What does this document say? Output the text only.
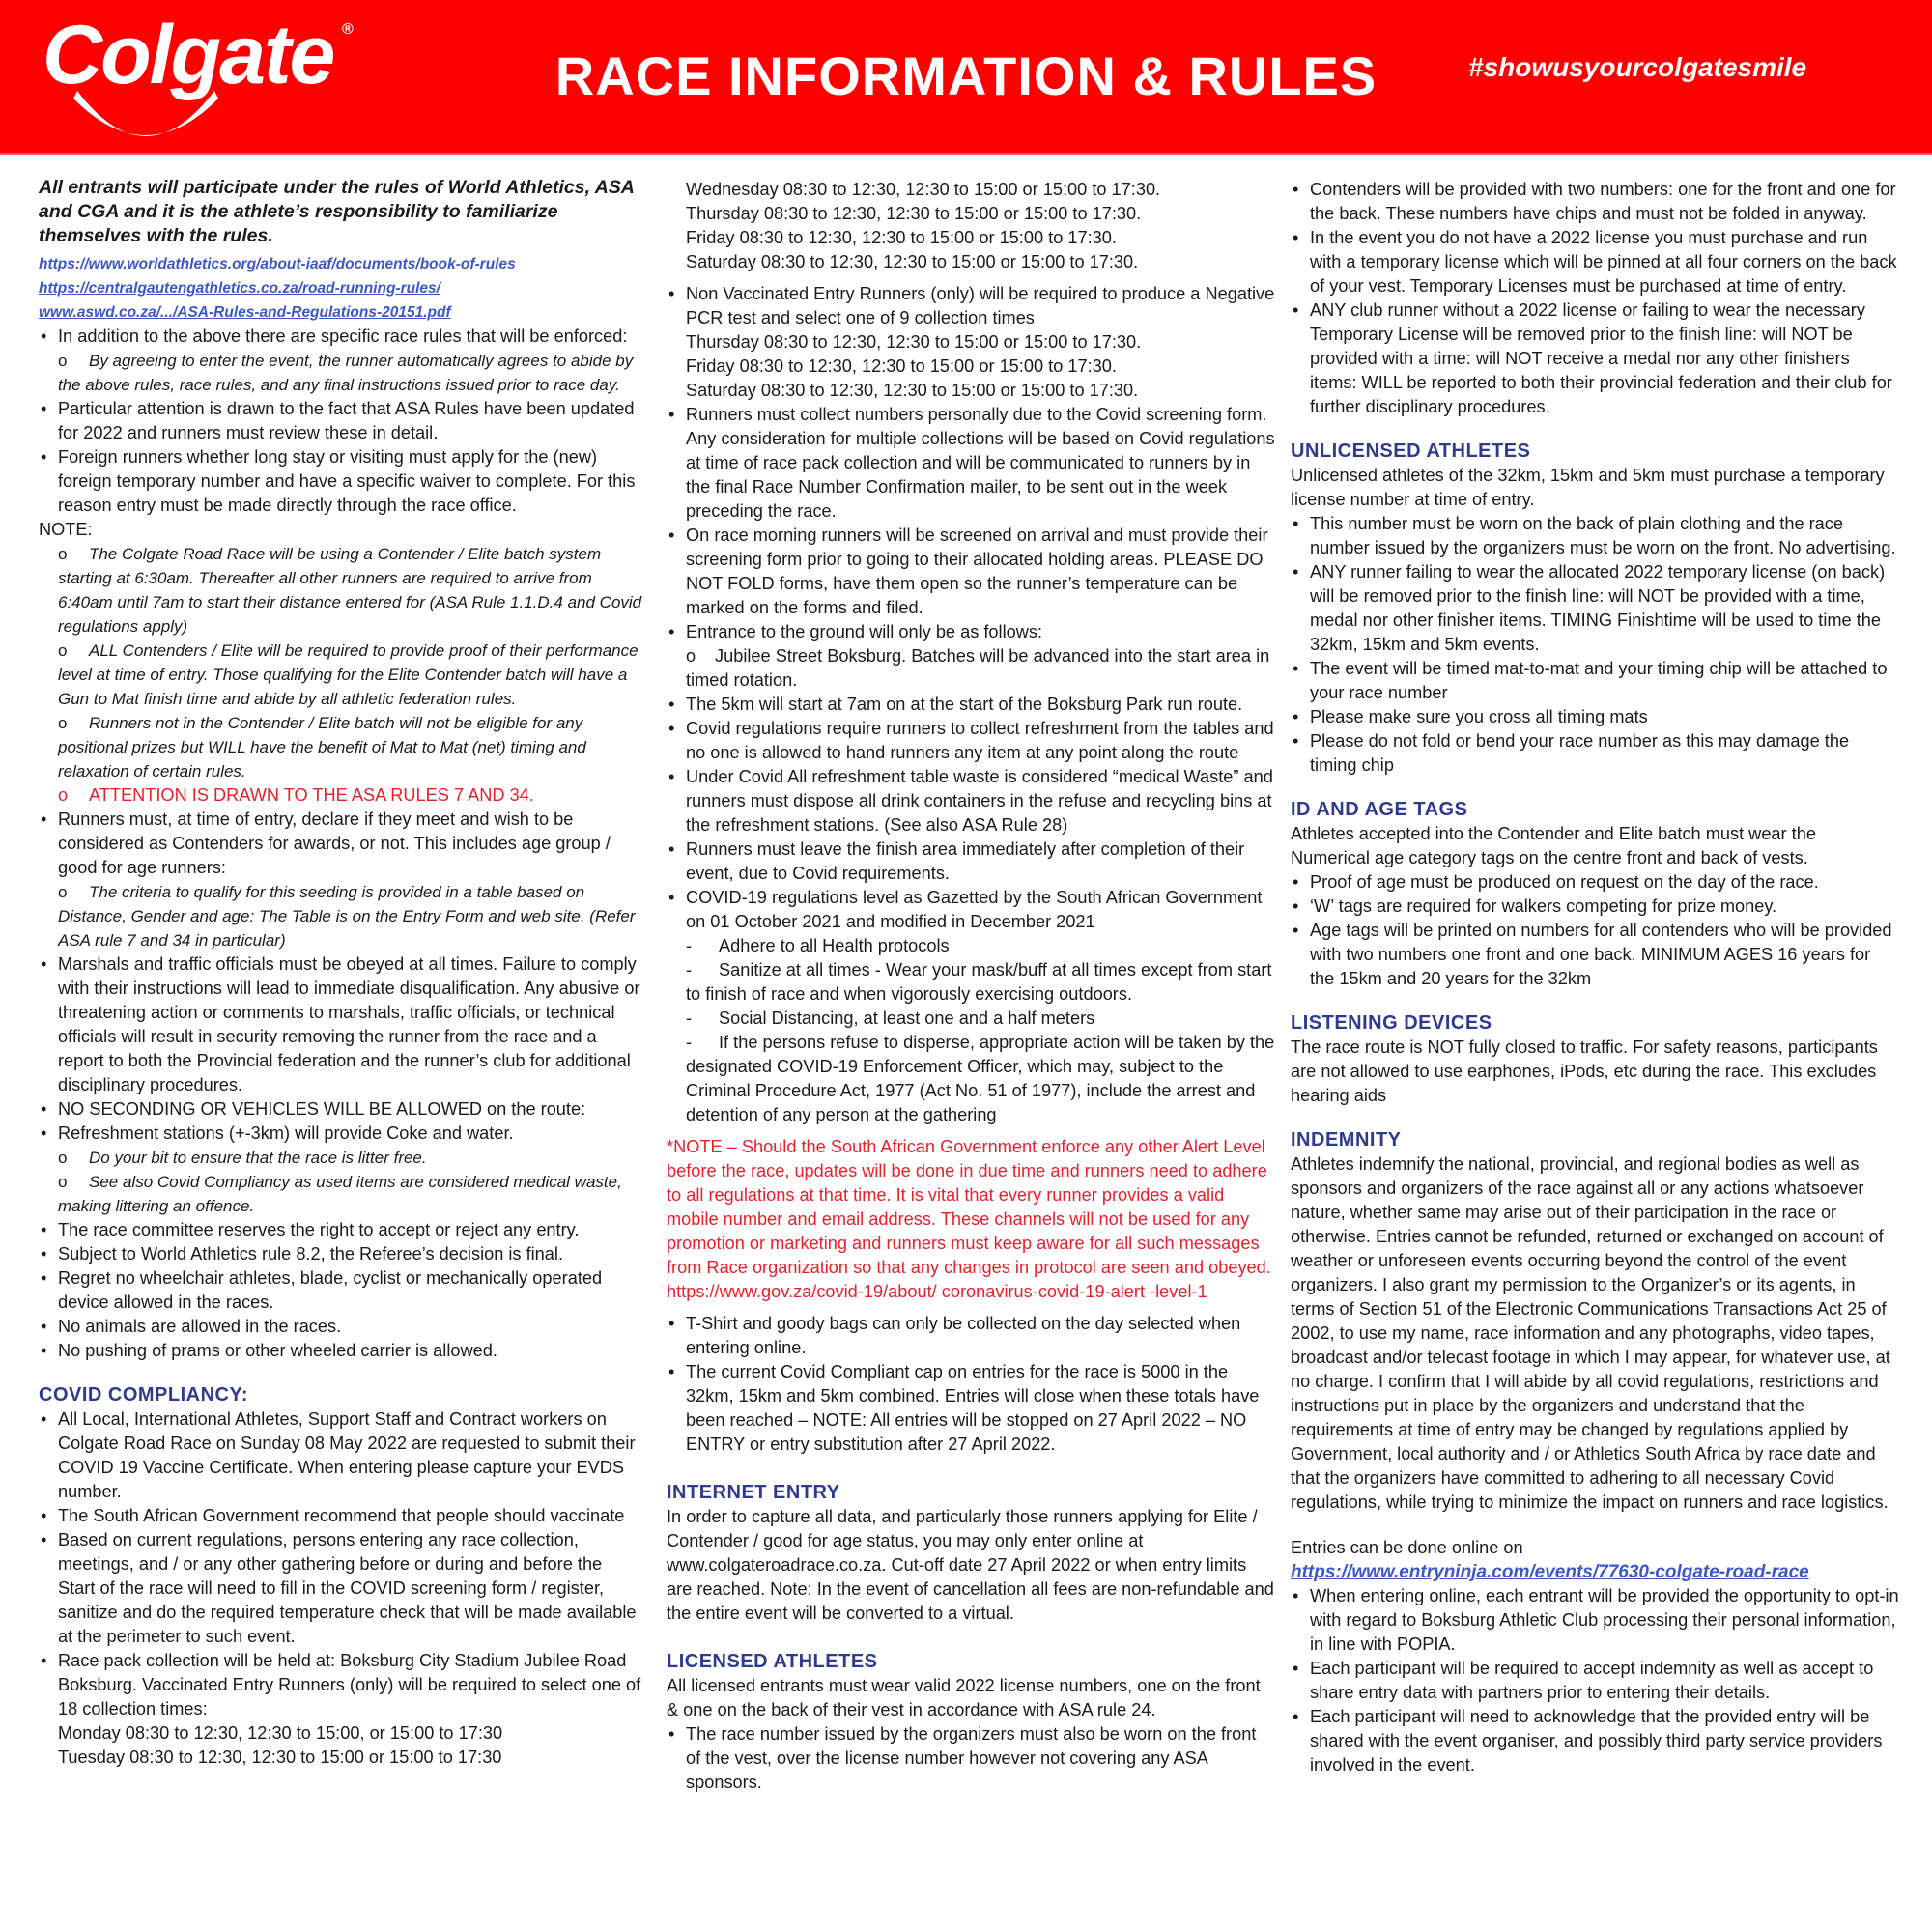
Colgate ®
RACE INFORMATION & RULES	#showusyourcolgatesmile

All entrants will participate under the rules of World Athletics, ASA and CGA and it is the athlete’s responsibility to familiarize themselves with the rules.

https://www.worldathletics.org/about-iaaf/documents/book-of-rules
https://centralgautengathletics.co.za/road-running-rules/
www.aswd.co.za/.../ASA-Rules-and-Regulations-20151.pdf
• In addition to the above there are specific race rules that will be enforced:
o By agreeing to enter the event, the runner automatically agrees to abide by the above rules, race rules, and any final instructions issued prior to race day.
• Particular attention is drawn to the fact that ASA Rules have been updated for 2022 and runners must review these in detail.
• Foreign runners whether long stay or visiting must apply for the (new) foreign temporary number and have a specific waiver to complete. For this reason entry must be made directly through the race office.
NOTE:
o The Colgate Road Race will be using a Contender / Elite batch system starting at 6:30am. Thereafter all other runners are required to arrive from 6:40am until 7am to start their distance entered for (ASA Rule 1.1.D.4 and Covid regulations apply)
o ALL Contenders / Elite will be required to provide proof of their performance level at time of entry. Those qualifying for the Elite Contender batch will have a Gun to Mat finish time and abide by all athletic federation rules.
o Runners not in the Contender / Elite batch will not be eligible for any positional prizes but WILL have the benefit of Mat to Mat (net) timing and relaxation of certain rules.
o ATTENTION IS DRAWN TO THE ASA RULES 7 AND 34.
• Runners must, at time of entry, declare if they meet and wish to be considered as Contenders for awards, or not. This includes age group / good for age runners:
o The criteria to qualify for this seeding is provided in a table based on Distance, Gender and age: The Table is on the Entry Form and web site. (Refer ASA rule 7 and 34 in particular)
• Marshals and traffic officials must be obeyed at all times. Failure to comply with their instructions will lead to immediate disqualification. Any abusive or threatening action or comments to marshals, traffic officials, or technical officials will result in security removing the runner from the race and a report to both the Provincial federation and the runner’s club for additional disciplinary procedures.
• NO SECONDING OR VEHICLES WILL BE ALLOWED on the route:
• Refreshment stations (+-3km) will provide Coke and water.
o Do your bit to ensure that the race is litter free.
o See also Covid Compliancy as used items are considered medical waste, making littering an offence.
• The race committee reserves the right to accept or reject any entry.
• Subject to World Athletics rule 8.2, the Referee’s decision is final.
• Regret no wheelchair athletes, blade, cyclist or mechanically operated device allowed in the races.
• No animals are allowed in the races.
• No pushing of prams or other wheeled carrier is allowed.
COVID COMPLIANCY:
• All Local, International Athletes, Support Staff and Contract workers on Colgate Road Race on Sunday 08 May 2022 are requested to submit their COVID 19 Vaccine Certificate. When entering please capture your EVDS number.
• The South African Government recommend that people should vaccinate
• Based on current regulations, persons entering any race collection, meetings, and / or any other gathering before or during and before the Start of the race will need to fill in the COVID screening form / register, sanitize and do the required temperature check that will be made available at the perimeter to such event.
• Race pack collection will be held at: Boksburg City Stadium Jubilee Road Boksburg. Vaccinated Entry Runners (only) will be required to select one of 18 collection times:
Monday 08:30 to 12:30, 12:30 to 15:00, or 15:00 to 17:30
Tuesday 08:30 to 12:30, 12:30 to 15:00 or 15:00 to 17:30
Wednesday 08:30 to 12:30, 12:30 to 15:00 or 15:00 to 17:30.
Thursday 08:30 to 12:30, 12:30 to 15:00 or 15:00 to 17:30.
Friday 08:30 to 12:30, 12:30 to 15:00 or 15:00 to 17:30.
Saturday 08:30 to 12:30, 12:30 to 15:00 or 15:00 to 17:30.
• Non Vaccinated Entry Runners (only) will be required to produce a Negative PCR test and select one of 9 collection times
Thursday 08:30 to 12:30, 12:30 to 15:00 or 15:00 to 17:30.
Friday 08:30 to 12:30, 12:30 to 15:00 or 15:00 to 17:30.
Saturday 08:30 to 12:30, 12:30 to 15:00 or 15:00 to 17:30.
• Runners must collect numbers personally due to the Covid screening form. Any consideration for multiple collections will be based on Covid regulations at time of race pack collection and will be communicated to runners by in the final Race Number Confirmation mailer, to be sent out in the week preceding the race.
• On race morning runners will be screened on arrival and must provide their screening form prior to going to their allocated holding areas. PLEASE DO NOT FOLD forms, have them open so the runner’s temperature can be marked on the forms and filed.
• Entrance to the ground will only be as follows:
o Jubilee Street Boksburg. Batches will be advanced into the start area in timed rotation.
• The 5km will start at 7am on at the start of the Boksburg Park run route.
• Covid regulations require runners to collect refreshment from the tables and no one is allowed to hand runners any item at any point along the route
• Under Covid All refreshment table waste is considered “medical Waste” and runners must dispose all drink containers in the refuse and recycling bins at the refreshment stations. (See also ASA Rule 28)
• Runners must leave the finish area immediately after completion of their event, due to Covid requirements.
• COVID-19 regulations level as Gazetted by the South African Government on 01 October 2021 and modified in December 2021
- Adhere to all Health protocols
- Sanitize at all times - Wear your mask/buff at all times except from start to finish of race and when vigorously exercising outdoors.
- Social Distancing, at least one and a half meters
- If the persons refuse to disperse, appropriate action will be taken by the designated COVID-19 Enforcement Officer, which may, subject to the Criminal Procedure Act, 1977 (Act No. 51 of 1977), include the arrest and detention of any person at the gathering

*NOTE – Should the South African Government enforce any other Alert Level before the race, updates will be done in due time and runners need to adhere to all regulations at that time. It is vital that every runner provides a valid mobile number and email address. These channels will not be used for any promotion or marketing and runners must keep aware for all such messages from Race organization so that any changes in protocol are seen and obeyed. https://www.gov.za/covid-19/about/ coronavirus-covid-19-alert -level-1

• T-Shirt and goody bags can only be collected on the day selected when entering online.
• The current Covid Compliant cap on entries for the race is 5000 in the 32km, 15km and 5km combined. Entries will close when these totals have been reached – NOTE: All entries will be stopped on 27 April 2022 – NO ENTRY or entry substitution after 27 April 2022.
INTERNET ENTRY

In order to capture all data, and particularly those runners applying for Elite / Contender / good for age status, you may only enter online at www.colgateroadrace.co.za. Cut-off date 27 April 2022 or when entry limits are reached. Note: In the event of cancellation all fees are non-refundable and the entire event will be converted to a virtual.

LICENSED ATHLETES

All licensed entrants must wear valid 2022 license numbers, one on the front & one on the back of their vest in accordance with ASA rule 24.

• The race number issued by the organizers must also be worn on the front of the vest, over the license number however not covering any ASA sponsors.
• Contenders will be provided with two numbers: one for the front and one for the back. These numbers have chips and must not be folded in anyway.
• In the event you do not have a 2022 license you must purchase and run with a temporary license which will be pinned at all four corners on the back of your vest. Temporary Licenses must be purchased at time of entry.
• ANY club runner without a 2022 license or failing to wear the necessary Temporary License will be removed prior to the finish line: will NOT be provided with a time: will NOT receive a medal nor any other finishers items: WILL be reported to both their provincial federation and their club for further disciplinary procedures.
UNLICENSED ATHLETES

Unlicensed athletes of the 32km, 15km and 5km must purchase a temporary license number at time of entry.

• This number must be worn on the back of plain clothing and the race number issued by the organizers must be worn on the front. No advertising.
• ANY runner failing to wear the allocated 2022 temporary license (on back) will be removed prior to the finish line: will NOT be provided with a time, medal nor other finisher items. TIMING Finishtime will be used to time the 32km, 15km and 5km events.
• The event will be timed mat-to-mat and your timing chip will be attached to your race number
• Please make sure you cross all timing mats
• Please do not fold or bend your race number as this may damage the timing chip
ID AND AGE TAGS

Athletes accepted into the Contender and Elite batch must wear the Numerical age category tags on the centre front and back of vests.

• Proof of age must be produced on request on the day of the race.
• ‘W’ tags are required for walkers competing for prize money.
• Age tags will be printed on numbers for all contenders who will be provided with two numbers one front and one back. MINIMUM AGES 16 years for the 15km and 20 years for the 32km
LISTENING DEVICES

The race route is NOT fully closed to traffic. For safety reasons, participants are not allowed to use earphones, iPods, etc during the race. This excludes hearing aids

INDEMNITY

Athletes indemnify the national, provincial, and regional bodies as well as sponsors and organizers of the race against all or any actions whatsoever nature, whether same may arise out of their participation in the race or otherwise. Entries cannot be refunded, returned or exchanged on account of weather or unforeseen events occurring beyond the control of the event organizers. I also grant my permission to the Organizer’s or its agents, in terms of Section 51 of the Electronic Communications Transactions Act 25 of 2002, to use my name, race information and any photographs, video tapes, broadcast and/or telecast footage in which I may appear, for whatever use, at no charge. I confirm that I will abide by all covid regulations, restrictions and instructions put in place by the organizers and understand that the requirements at time of entry may be changed by regulations applied by Government, local authority and / or Athletics South Africa by race date and that the organizers have committed to adhering to all necessary Covid regulations, while trying to minimize the impact on runners and race logistics.

Entries can be done online on

https://www.entryninja.com/events/77630-colgate-road-race
• When entering online, each entrant will be provided the opportunity to opt-in with regard to Boksburg Athletic Club processing their personal information, in line with POPIA.
• Each participant will be required to accept indemnity as well as accept to share entry data with partners prior to entering their details.
• Each participant will need to acknowledge that the provided entry will be shared with the event organiser, and possibly third party service providers involved in the event.
